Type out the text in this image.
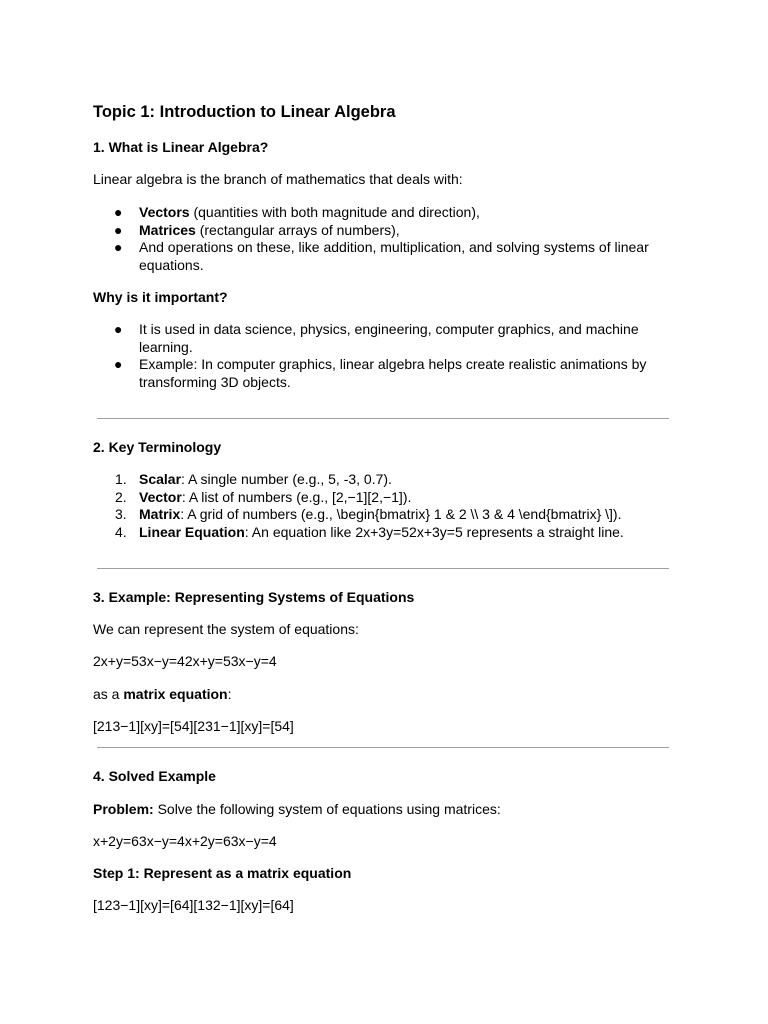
Topic 1: Introduction to Linear Algebra
1. What is Linear Algebra?
Linear algebra is the branch of mathematics that deals with:
● Vectors (quantities with both magnitude and direction),
● Matrices (rectangular arrays of numbers),
● And operations on these, like addition, multiplication, and solving systems of linear equations.
Why is it important?
● It is used in data science, physics, engineering, computer graphics, and machine learning.
● Example: In computer graphics, linear algebra helps create realistic animations by transforming 3D objects.
2. Key Terminology
1. Scalar: A single number (e.g., 5, -3, 0.7).
2. Vector: A list of numbers (e.g., [2,−1][2,−1]).
3. Matrix: A grid of numbers (e.g., \begin{bmatrix} 1 & 2 \\ 3 & 4 \end{bmatrix} \]).
4. Linear Equation: An equation like 2x+3y=52x+3y=5 represents a straight line.
3. Example: Representing Systems of Equations
We can represent the system of equations:
2x+y=53x−y=42x+y=53x−y=4
as a matrix equation:
[213−1][xy]=[54][231−1][xy]=[54]
4. Solved Example
Problem: Solve the following system of equations using matrices:
x+2y=63x−y=4x+2y=63x−y=4
Step 1: Represent as a matrix equation
[123−1][xy]=[64][132−1][xy]=[64]
